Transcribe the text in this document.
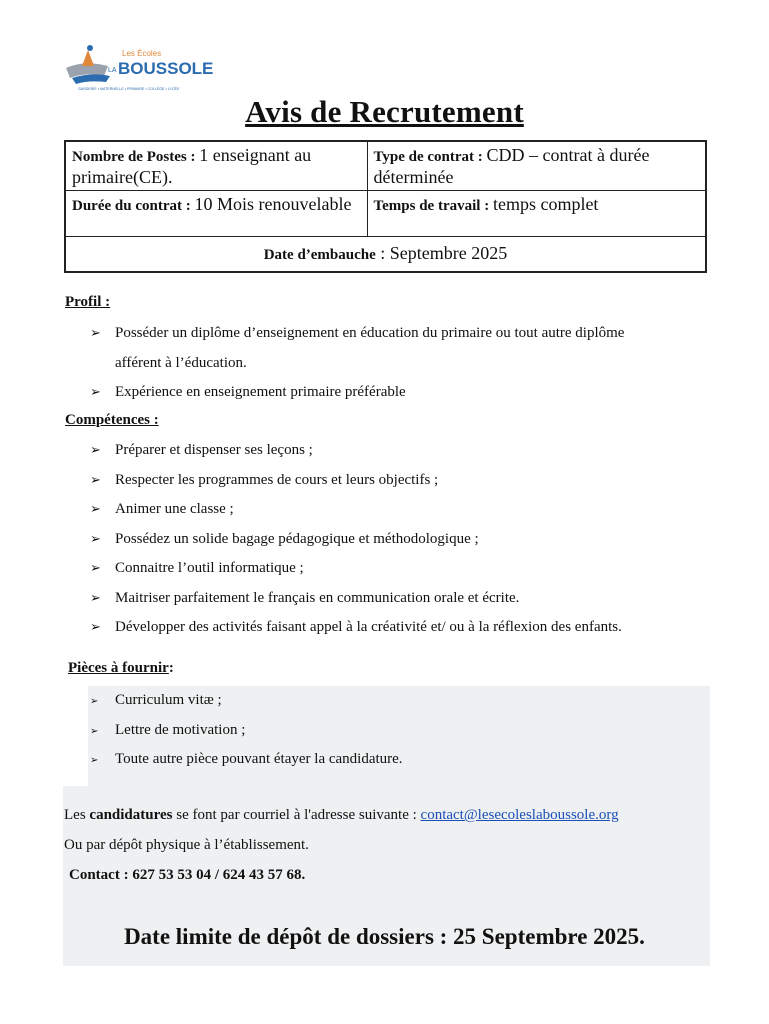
Les Écoles
LA BOUSSOLE
GARDERIE • MATERNELLE • PRIMAIRE • COLLÈGE • LYCÉE
Avis de Recrutement
Nombre de Postes : 1 enseignant au primaire(CE).	Type de contrat : CDD – contrat à durée déterminée
Durée du contrat : 10 Mois renouvelable	Temps de travail : temps complet
Date d’embauche : Septembre 2025	
Profil :
➢ Posséder un diplôme d’enseignement en éducation du primaire ou tout autre diplôme
afférent à l’éducation.
➢ Expérience en enseignement primaire préférable
Compétences :
➢ Préparer et dispenser ses leçons ;
➢ Respecter les programmes de cours et leurs objectifs ;
➢ Animer une classe ;
➢ Possédez un solide bagage pédagogique et méthodologique ;
➢ Connaitre l’outil informatique ;
➢ Maitriser parfaitement le français en communication orale et écrite.
➢ Développer des activités faisant appel à la créativité et/ ou à la réflexion des enfants.
Pièces à fournir:
➢ Curriculum vitæ ;
➢ Lettre de motivation ;
➢ Toute autre pièce pouvant étayer la candidature.
Les candidatures se font par courriel à l'adresse suivante : contact@lesecoleslaboussole.org
Ou par dépôt physique à l’établissement.
Contact : 627 53 53 04 / 624 43 57 68.
Date limite de dépôt de dossiers : 25 Septembre 2025.
